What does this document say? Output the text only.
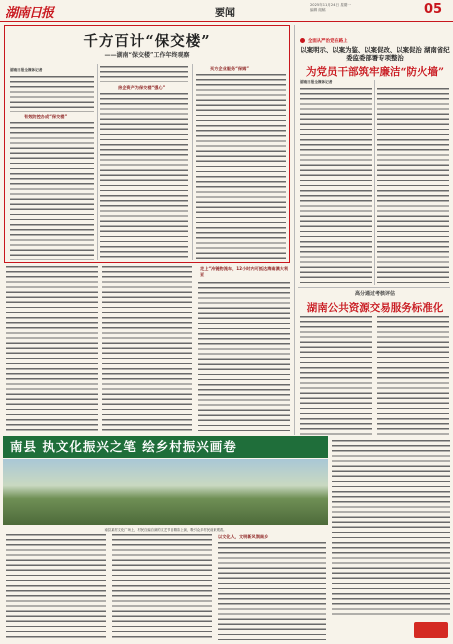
湖南日报	要闻
2025年11月24日 星期一
编辑 阅稿	05
千方百计“保交楼”
——湖南“保交楼”工作年终观察
湖南日报全媒体记者
有效防控办成“保交楼”
房企资产为保交楼“强心”
买方企业服务“保姆”
全面从严治党在路上
以案明示、以案为鉴、以案促改、以案促治 湖南省纪委监委部署专项整治
为党员干部筑牢廉洁“防火墙”
湖南日报全媒体记者
走上“冷链物流车，12小时内可抵达海南澳大利亚
高分通过考核评估
湖南公共资源交易服务标准化
南县 执文化振兴之笔 绘乡村振兴画卷
南县某村文化广场上，村民自编自演的文艺节目精彩上演，吸引众多村民前来观看。
以文化人，文明新风润南乡
